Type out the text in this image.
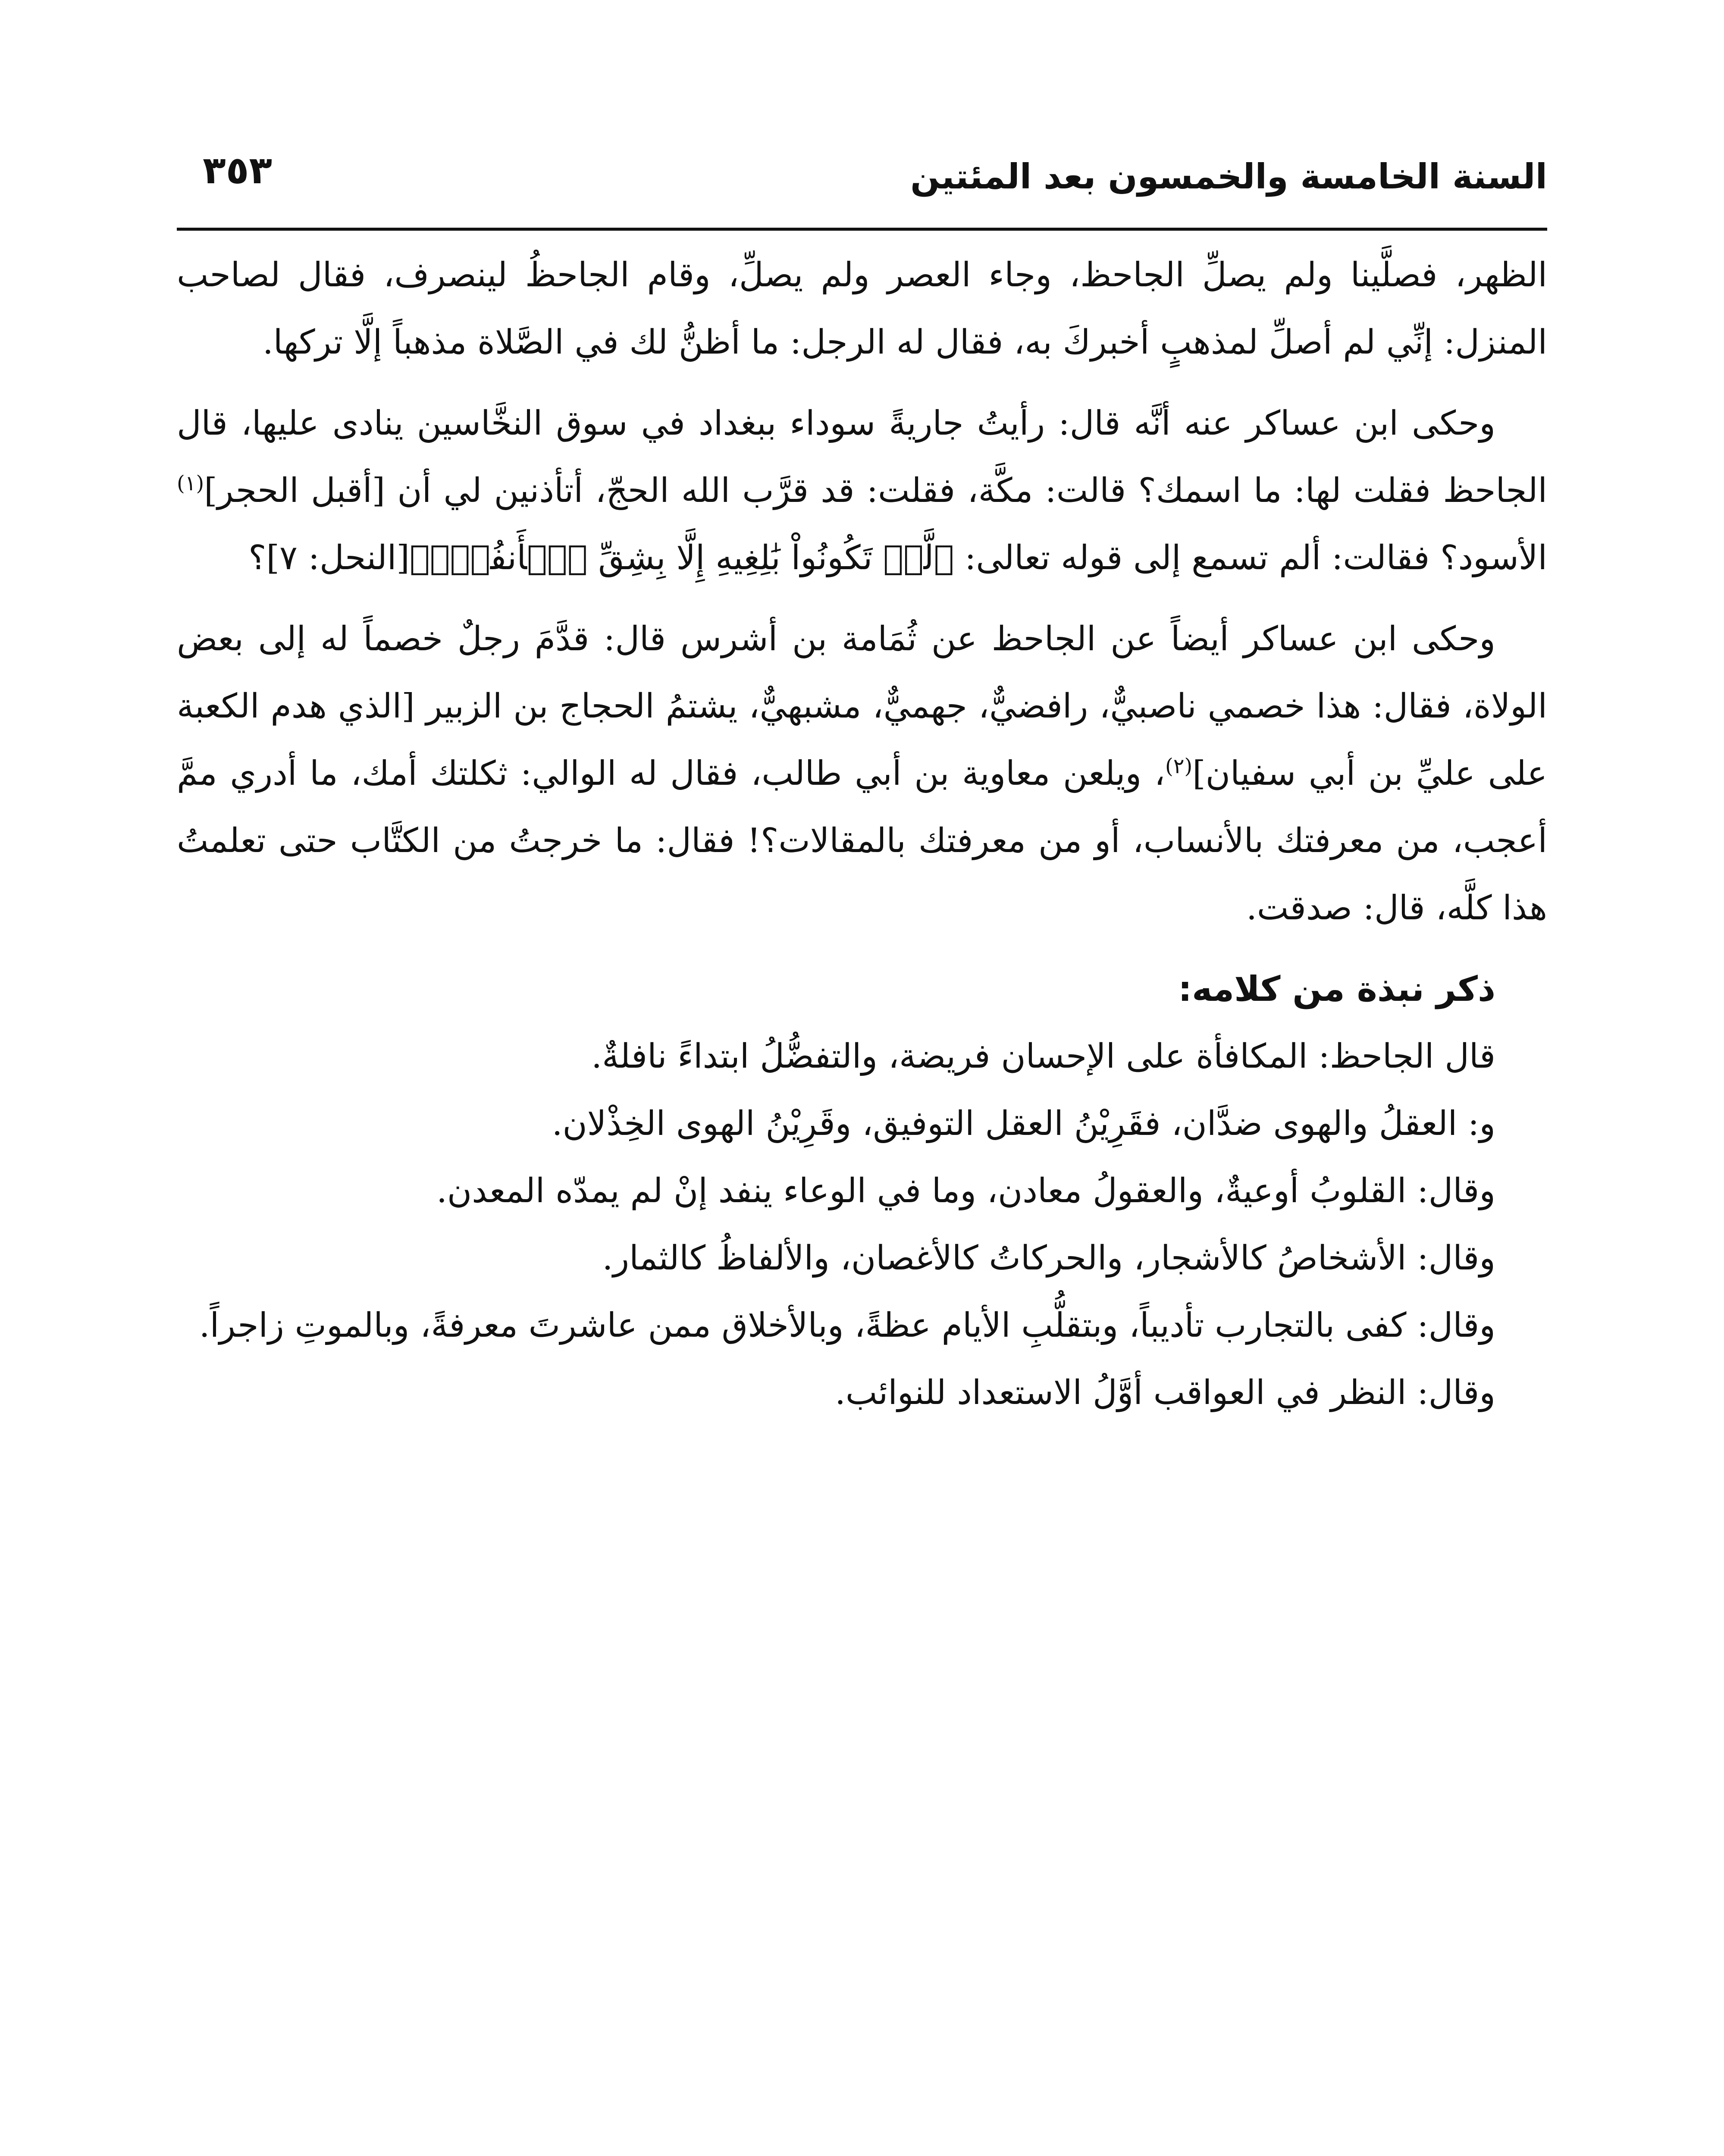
السنة الخامسة والخمسون بعد المئتين
٣٥٣

الظهر، فصلَّينا ولم يصلِّ الجاحظ، وجاء العصر ولم يصلِّ، وقام الجاحظُ لينصرف، فقال لصاحب المنزل: إنِّي لم أصلِّ لمذهبٍ أخبركَ به، فقال له الرجل: ما أظنُّ لك في الصَّلاة مذهباً إلَّا تركها.

وحكى ابن عساكر عنه أنَّه قال: رأيتُ جاريةً سوداء ببغداد في سوق النخَّاسين ينادى عليها، قال الجاحظ فقلت لها: ما اسمك؟ قالت: مكَّة، فقلت: قد قرَّب الله الحجّ، أتأذنين لي أن [أقبل الحجر]$^{(١)}$ الأسود؟ فقالت: ألم تسمع إلى قوله تعالى: ﴿لَّمۡ تَكُونُواْ بَٰلِغِيهِ إِلَّا بِشِقِّ ٱلۡأَنفُسِۚ﴾[النحل: ٧]؟

وحكى ابن عساكر أيضاً عن الجاحظ عن ثُمَامة بن أشرس قال: قدَّمَ رجلٌ خصماً له إلى بعض الولاة، فقال: هذا خصمي ناصبيٌّ، رافضيٌّ، جهميٌّ، مشبهيٌّ، يشتمُ الحجاج بن الزبير [الذي هدم الكعبة على عليِّ بن أبي سفيان]$^{(٢)}$، ويلعن معاوية بن أبي طالب، فقال له الوالي: ثكلتك أمك، ما أدري ممَّ أعجب، من معرفتك بالأنساب، أو من معرفتك بالمقالات؟! فقال: ما خرجتُ من الكتَّاب حتى تعلمتُ هذا كلَّه، قال: صدقت.

ذكر نبذة من كلامه:

قال الجاحظ: المكافأة على الإحسان فريضة، والتفضُّلُ ابتداءً نافلةٌ.

و: العقلُ والهوى ضدَّان، فقَرِيْنُ العقل التوفيق، وقَرِيْنُ الهوى الخِذْلان.

وقال: القلوبُ أوعيةٌ، والعقولُ معادن، وما في الوعاء ينفد إنْ لم يمدّه المعدن.

وقال: الأشخاصُ كالأشجار، والحركاتُ كالأغصان، والألفاظُ كالثمار.

وقال: كفى بالتجارب تأديباً، وبتقلُّبِ الأيام عظةً، وبالأخلاق ممن عاشرتَ معرفةً، وبالموتِ زاجراً.

وقال: النظر في العواقب أوَّلُ الاستعداد للنوائب.
